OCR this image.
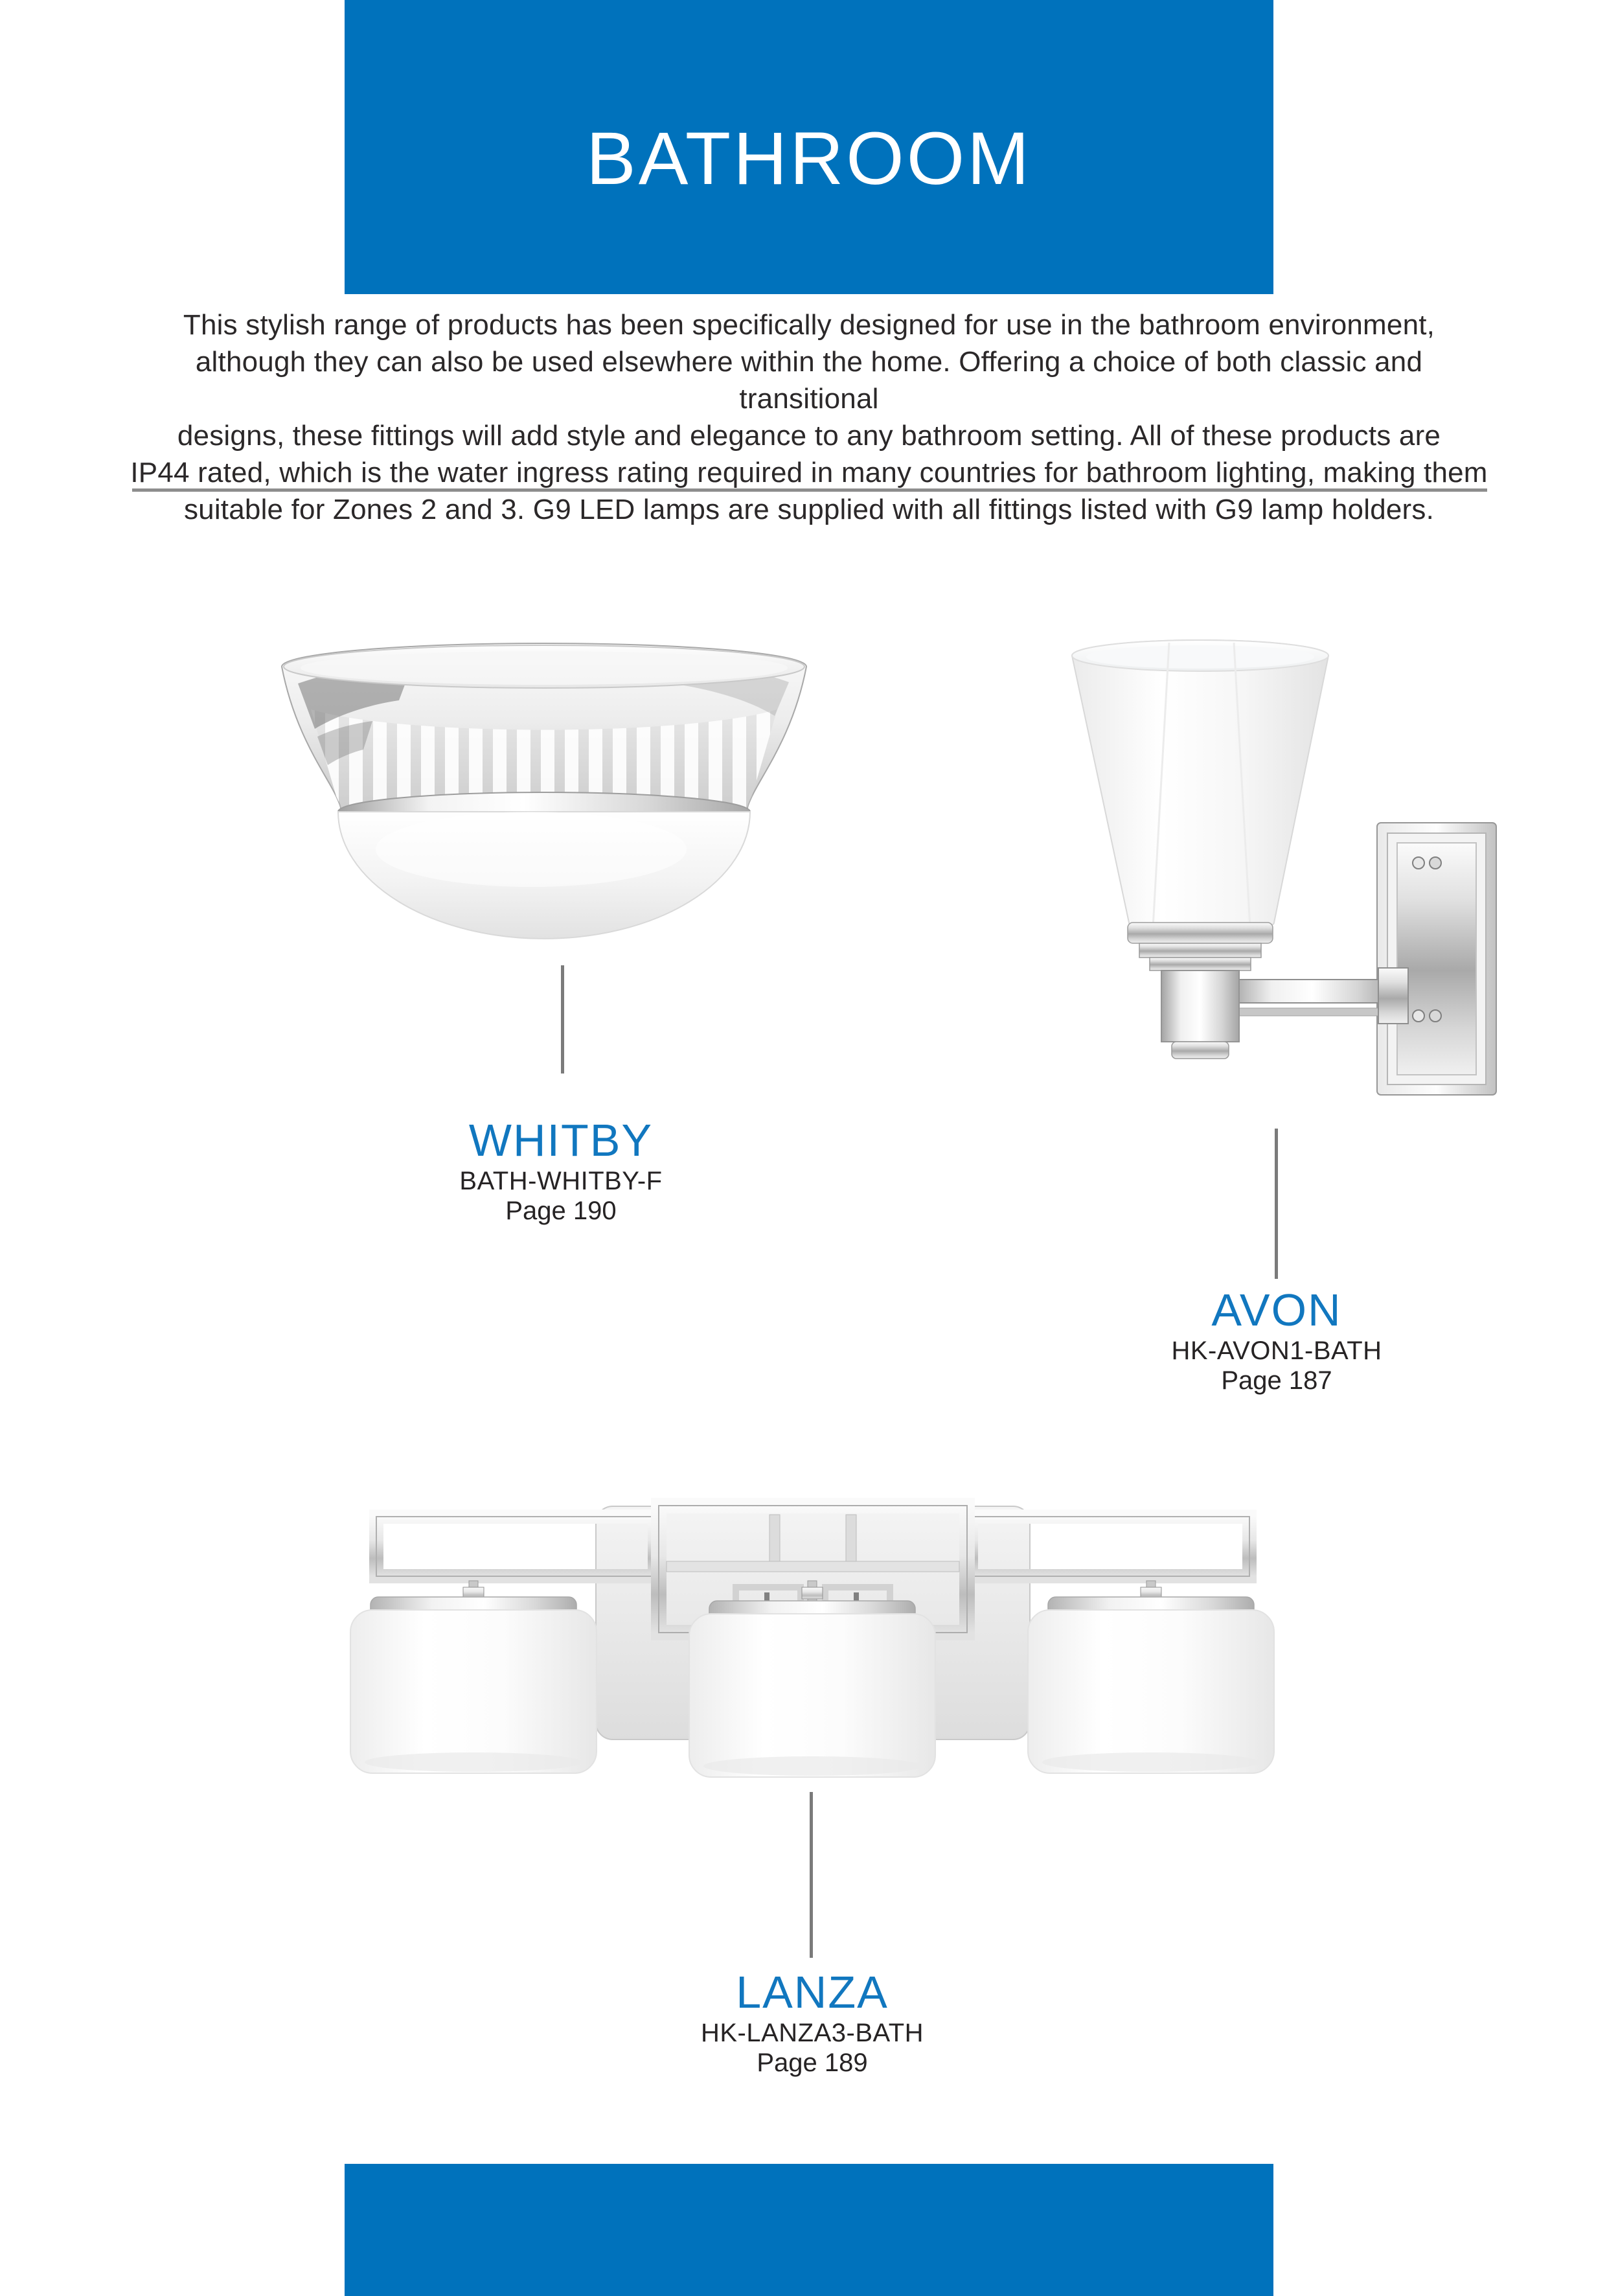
BATHROOM
This stylish range of products has been specifically designed for use in the bathroom environment,
although they can also be used elsewhere within the home. Offering a choice of both classic and transitional
designs, these fittings will add style and elegance to any bathroom setting. All of these products are
IP44 rated, which is the water ingress rating required in many countries for bathroom lighting, making them
suitable for Zones 2 and 3. G9 LED lamps are supplied with all fittings listed with G9 lamp holders.
WHITBY
BATH-WHITBY-F
Page 190
AVON
HK-AVON1-BATH
Page 187
LANZA
HK-LANZA3-BATH
Page 189
